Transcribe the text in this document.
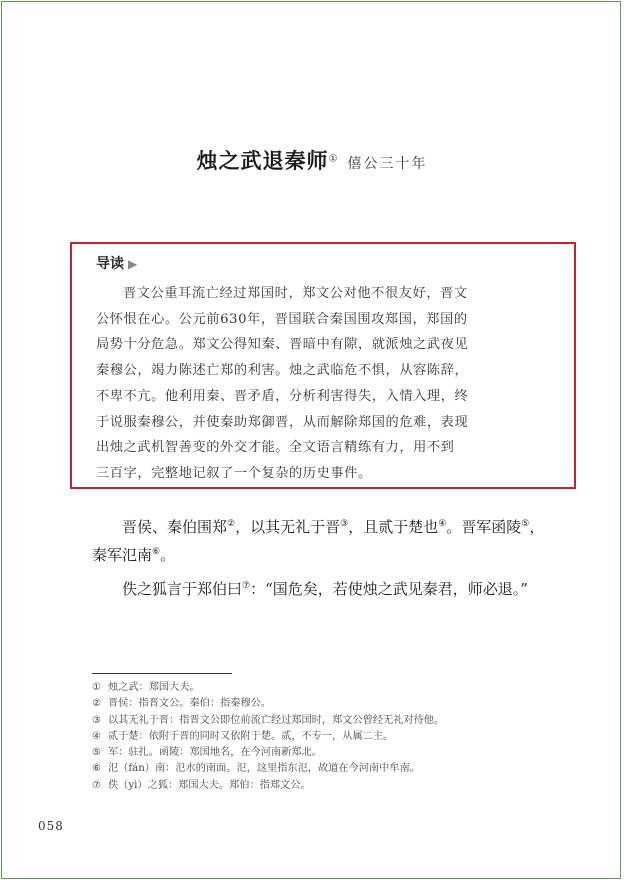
烛之武退秦师① 僖公三十年
导读 ▶
晋文公重耳流亡经过郑国时，郑文公对他不很友好，晋文
公怀恨在心。公元前630年，晋国联合秦国围攻郑国，郑国的
局势十分危急。郑文公得知秦、晋暗中有隙，就派烛之武夜见
秦穆公，竭力陈述亡郑的利害。烛之武临危不惧，从容陈辞，
不卑不亢。他利用秦、晋矛盾，分析利害得失，入情入理，终
于说服秦穆公，并使秦助郑御晋，从而解除郑国的危难，表现
出烛之武机智善变的外交才能。全文语言精练有力，用不到
三百字，完整地记叙了一个复杂的历史事件。
晋侯、秦伯围郑②，以其无礼于晋③，且贰于楚也④。晋军函陵⑤，
秦军氾南⑥。
佚之狐言于郑伯曰⑦：“国危矣，若使烛之武见秦君，师必退。”
① 烛之武：郑国大夫。
② 晋侯：指晋文公。秦伯：指秦穆公。
③ 以其无礼于晋：指晋文公即位前流亡经过郑国时，郑文公曾经无礼对待他。
④ 贰于楚：依附于晋的同时又依附于楚。贰，不专一，从属二主。
⑤ 军：驻扎。函陵：郑国地名，在今河南新郑北。
⑥ 氾（fán）南：氾水的南面。氾，这里指东氾，故道在今河南中牟南。
⑦ 佚（yì）之狐：郑国大夫。郑伯：指郑文公。
058
